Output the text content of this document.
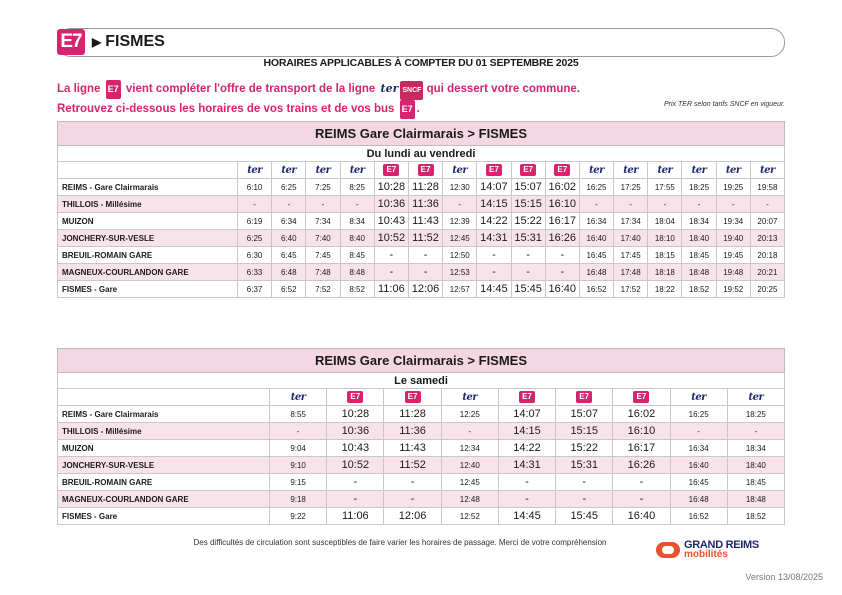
E7 ▶ FISMES
HORAIRES APPLICABLES À COMPTER DU 01 SEPTEMBRE 2025
La ligne E7 vient compléter l'offre de transport de la ligne ter SNCF qui dessert votre commune.
Retrouvez ci-dessous les horaires de vos trains et de vos bus E7 .	Prix TER selon tarifs SNCF en vigueur.
REIMS Gare Clairmarais > FISMES																
Du lundi au vendredi																
	ter	ter	ter	ter	E7	E7	ter	E7	E7	E7	ter	ter	ter	ter	ter	ter
REIMS - Gare Clairmarais	6:10	6:25	7:25	8:25	10:28	11:28	12:30	14:07	15:07	16:02	16:25	17:25	17:55	18:25	19:25	19:58
THILLOIS - Millésime	-	-	-	-	10:36	11:36	-	14:15	15:15	16:10	-	-	-	-	-	-
MUIZON	6:19	6:34	7:34	8:34	10:43	11:43	12:39	14:22	15:22	16:17	16:34	17:34	18:04	18:34	19:34	20:07
JONCHERY-SUR-VESLE	6:25	6:40	7:40	8:40	10:52	11:52	12:45	14:31	15:31	16:26	16:40	17:40	18:10	18:40	19:40	20:13
BREUIL-ROMAIN GARE	6:30	6:45	7:45	8:45	-	-	12:50	-	-	-	16:45	17:45	18:15	18:45	19:45	20:18
MAGNEUX-COURLANDON GARE	6:33	6:48	7:48	8:48	-	-	12:53	-	-	-	16:48	17:48	18:18	18:48	19:48	20:21
FISMES - Gare	6:37	6:52	7:52	8:52	11:06	12:06	12:57	14:45	15:45	16:40	16:52	17:52	18:22	18:52	19:52	20:25
REIMS Gare Clairmarais > FISMES									
Le samedi									
	ter	E7	E7	ter	E7	E7	E7	ter	ter
REIMS - Gare Clairmarais	8:55	10:28	11:28	12:25	14:07	15:07	16:02	16:25	18:25
THILLOIS - Millésime	-	10:36	11:36	-	14:15	15:15	16:10	-	-
MUIZON	9:04	10:43	11:43	12:34	14:22	15:22	16:17	16:34	18:34
JONCHERY-SUR-VESLE	9:10	10:52	11:52	12:40	14:31	15:31	16:26	16:40	18:40
BREUIL-ROMAIN GARE	9:15	-	-	12:45	-	-	-	16:45	18:45
MAGNEUX-COURLANDON GARE	9:18	-	-	12:48	-	-	-	16:48	18:48
FISMES - Gare	9:22	11:06	12:06	12:52	14:45	15:45	16:40	16:52	18:52
Des difficultés de circulation sont susceptibles de faire varier les horaires de passage. Merci de votre compréhension	GRAND REIMS
mobilités
Version 13/08/2025
